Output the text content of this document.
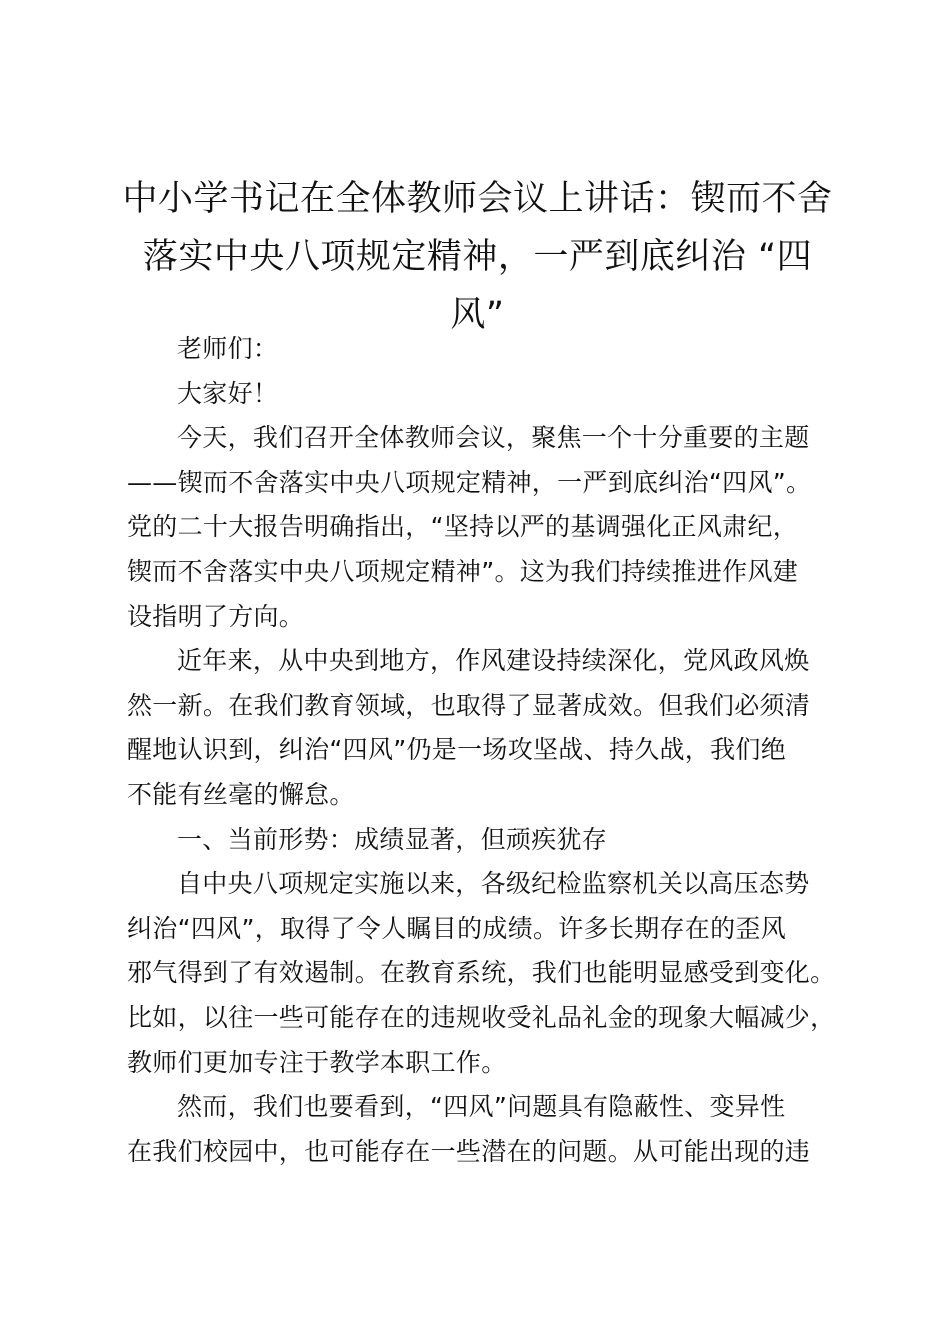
中小学书记在全体教师会议上讲话：锲而不舍
落实中央八项规定精神，一严到底纠治 “四
风”

老师们：

大家好！

今天，我们召开全体教师会议，聚焦一个十分重要的主题
——锲而不舍落实中央八项规定精神，一严到底纠治“四风”。
党的二十大报告明确指出，“坚持以严的基调强化正风肃纪，
锲而不舍落实中央八项规定精神”。这为我们持续推进作风建
设指明了方向。

近年来，从中央到地方，作风建设持续深化，党风政风焕
然一新。在我们教育领域，也取得了显著成效。但我们必须清
醒地认识到，纠治“四风”仍是一场攻坚战、持久战，我们绝
不能有丝毫的懈怠。

一、当前形势：成绩显著，但顽疾犹存

自中央八项规定实施以来，各级纪检监察机关以高压态势
纠治“四风”，取得了令人瞩目的成绩。许多长期存在的歪风
邪气得到了有效遏制。在教育系统，我们也能明显感受到变化。
比如，以往一些可能存在的违规收受礼品礼金的现象大幅减少，
教师们更加专注于教学本职工作。

然而，我们也要看到，“四风”问题具有隐蔽性、变异性
在我们校园中，也可能存在一些潜在的问题。从可能出现的违
